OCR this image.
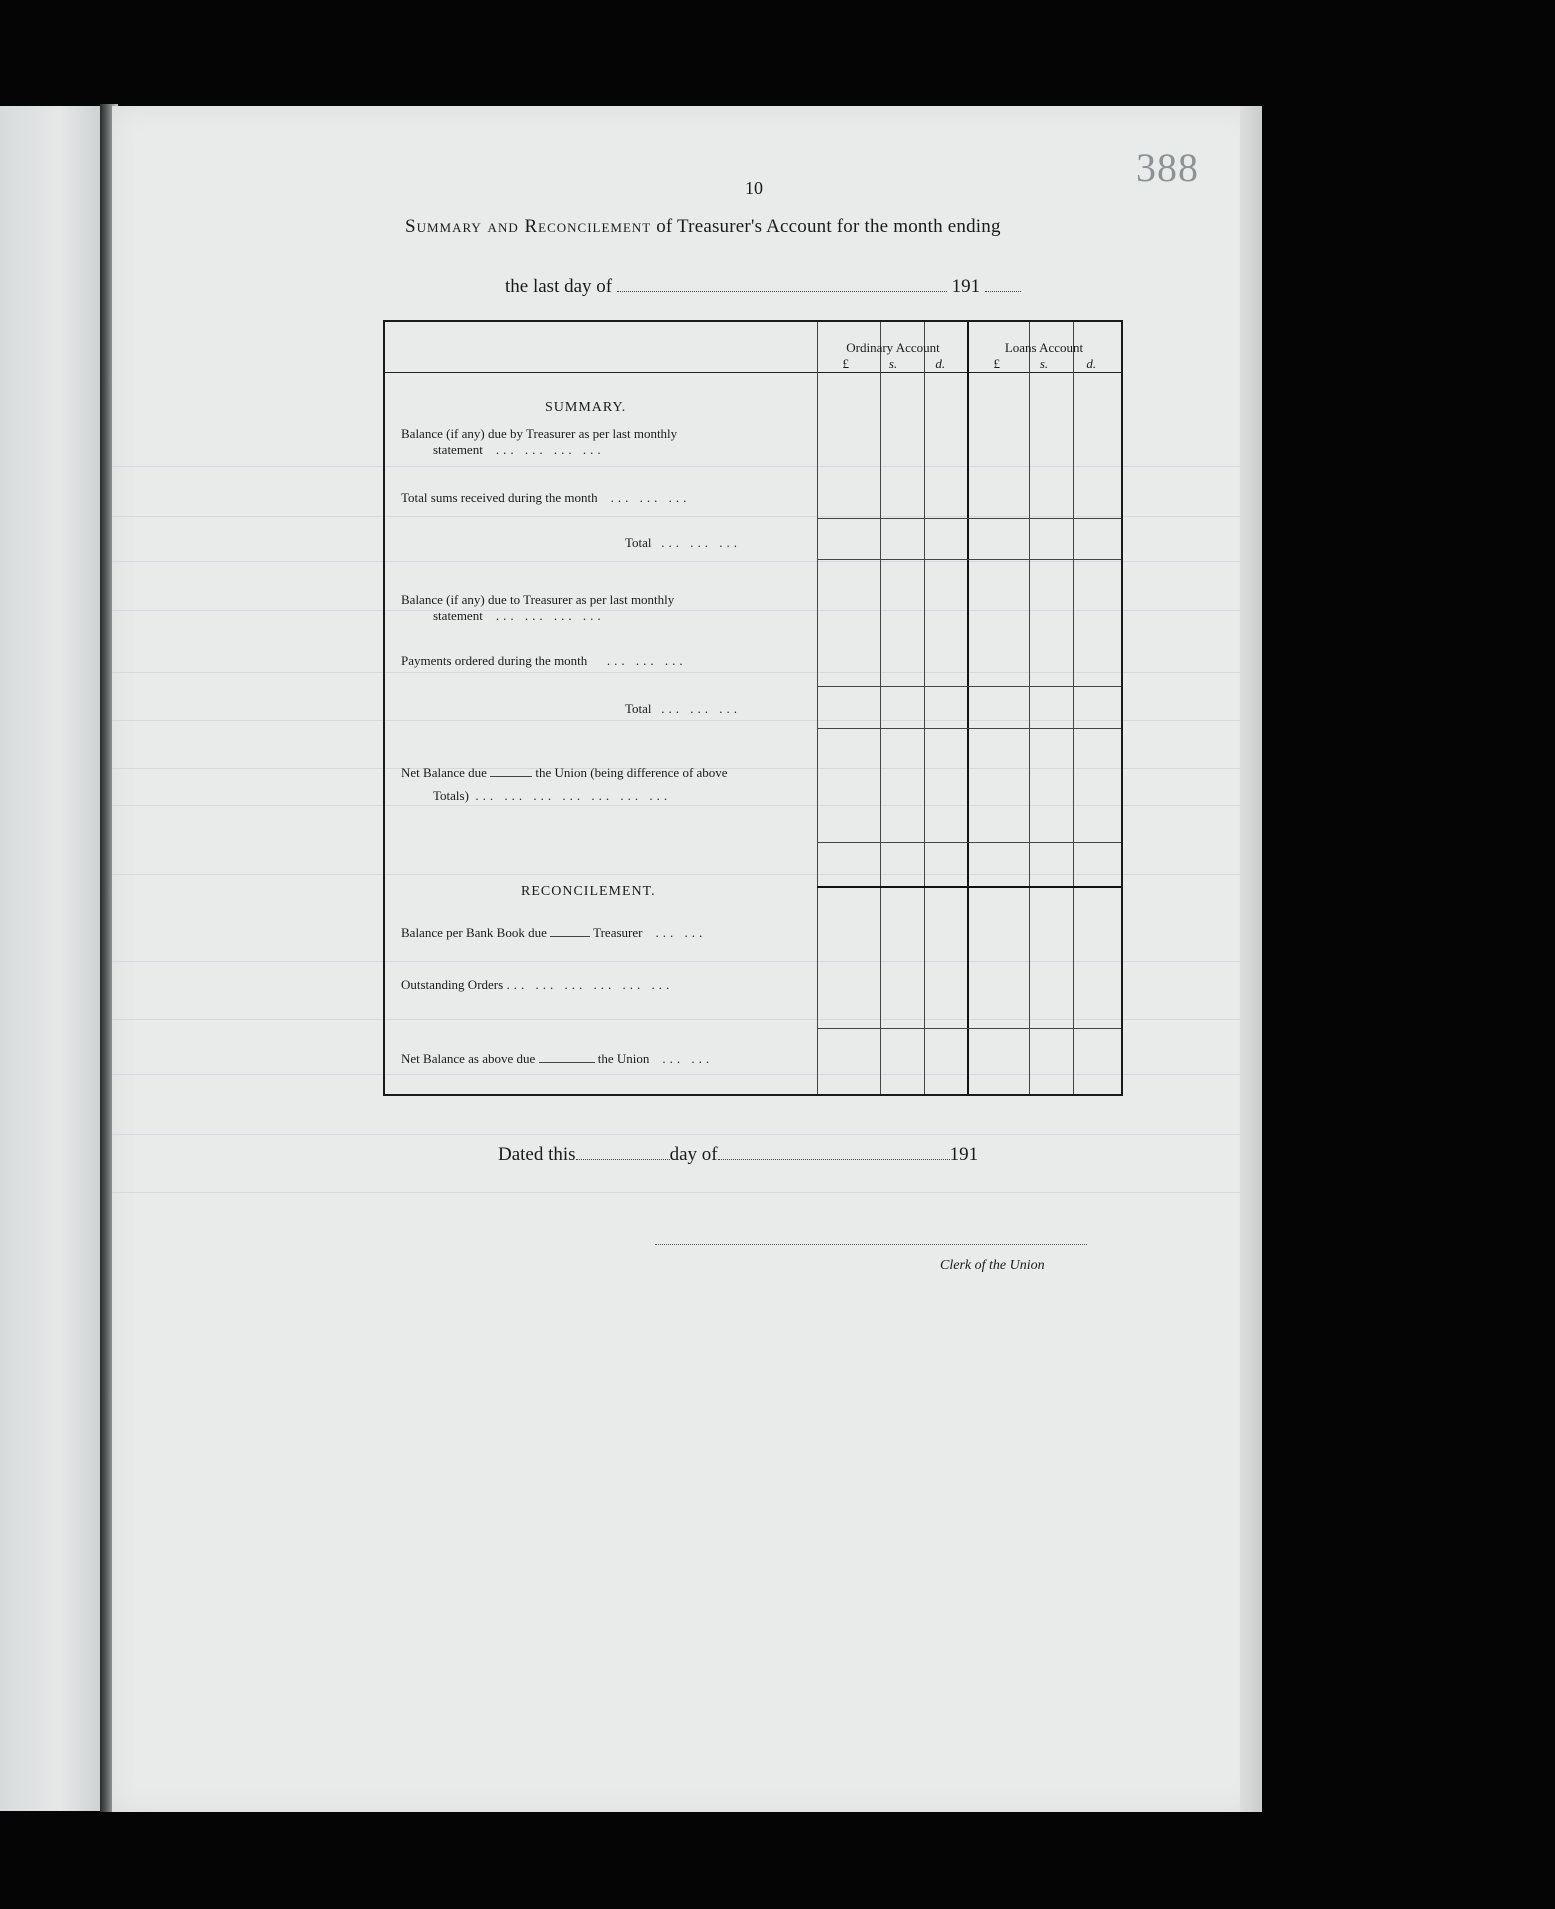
388
10
Summary and Reconcilement of Treasurer's Account for the month ending
the last day of	191
Ordinary Account
£	s.	d.
Loans Account
£	s.	d.
SUMMARY.
Balance (if any) due by Treasurer as per last monthly
statement ... ... ... ...
Total sums received during the month ... ... ...
Total ... ... ...
Balance (if any) due to Treasurer as per last monthly
statement ... ... ... ...
Payments ordered during the month ... ... ...
Total ... ... ...
Net Balance due	the Union (being difference of above
Totals) ... ... ... ... ... ... ...
RECONCILEMENT.
Balance per Bank Book due	Treasurer ... ...
Outstanding Orders ... ... ... ... ... ...
Net Balance as above due	the Union ... ...
Dated this	day of	191
Clerk of the Union
